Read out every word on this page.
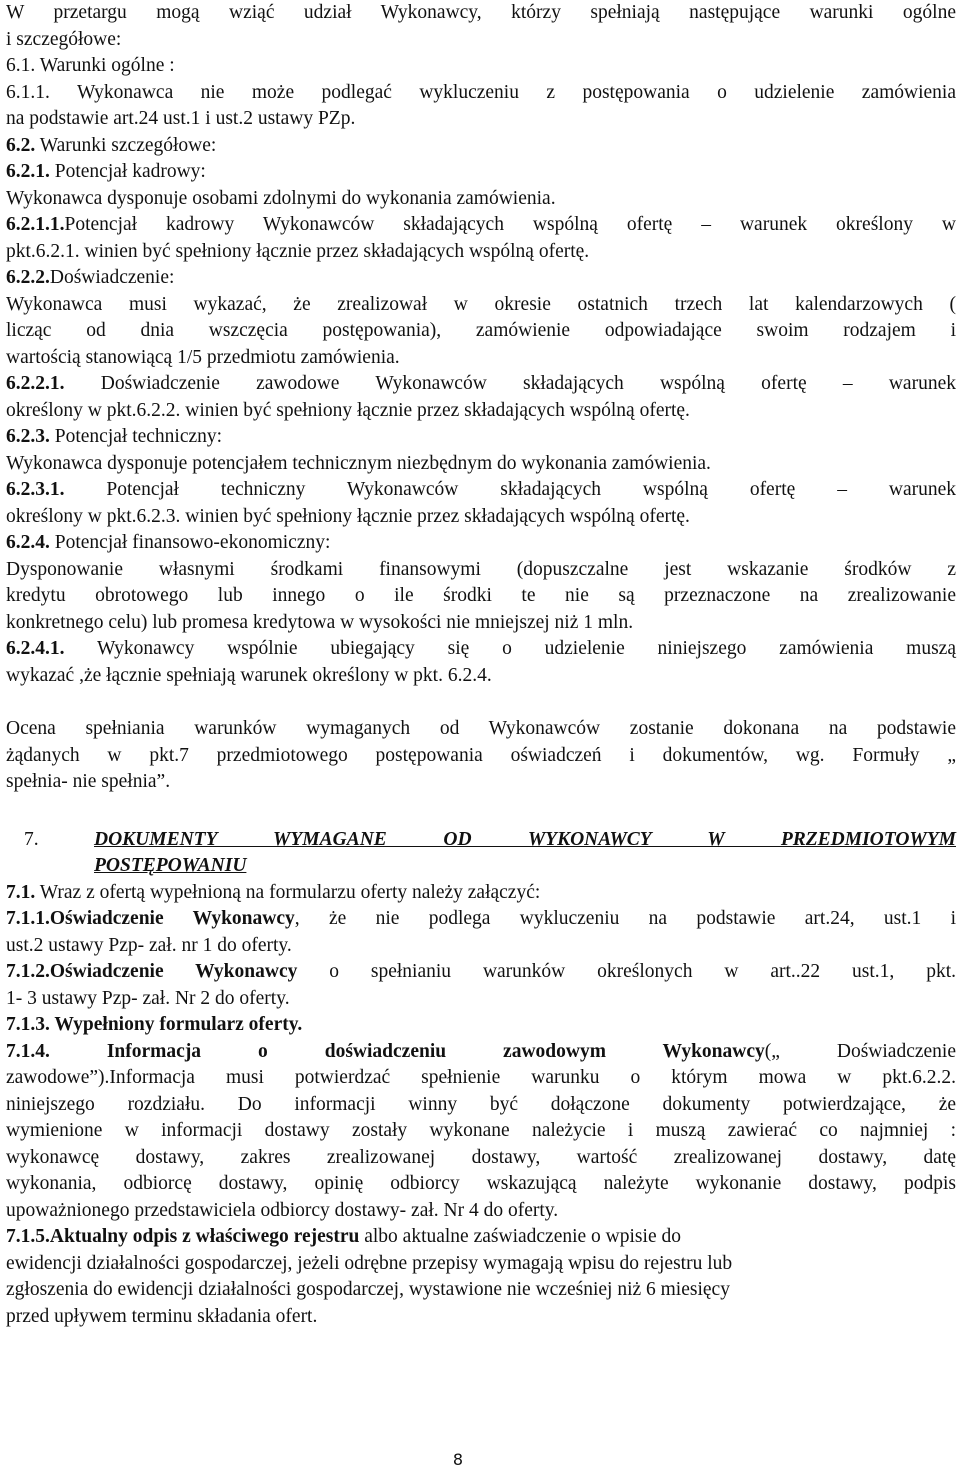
W przetargu mogą wziąć udział Wykonawcy, którzy spełniają następujące warunki ogólne
i szczegółowe:
6.1. Warunki ogólne :
6.1.1. Wykonawca nie może podlegać wykluczeniu z postępowania o udzielenie zamówienia
na podstawie art.24 ust.1 i ust.2 ustawy PZp.
6.2. Warunki szczegółowe:
6.2.1. Potencjał kadrowy:
Wykonawca dysponuje osobami zdolnymi do wykonania zamówienia.
6.2.1.1.Potencjał kadrowy Wykonawców składających wspólną ofertę – warunek określony w
pkt.6.2.1. winien być spełniony łącznie przez składających wspólną ofertę.
6.2.2.Doświadczenie:
Wykonawca musi wykazać, że zrealizował w okresie ostatnich trzech lat kalendarzowych (
licząc od dnia wszczęcia postępowania), zamówienie odpowiadające swoim rodzajem i
wartością stanowiącą 1/5 przedmiotu zamówienia.
6.2.2.1. Doświadczenie zawodowe Wykonawców składających wspólną ofertę – warunek
określony w pkt.6.2.2. winien być spełniony łącznie przez składających wspólną ofertę.
6.2.3. Potencjał techniczny:
Wykonawca dysponuje potencjałem technicznym niezbędnym do wykonania zamówienia.
6.2.3.1. Potencjał techniczny Wykonawców składających wspólną ofertę – warunek
określony w pkt.6.2.3. winien być spełniony łącznie przez składających wspólną ofertę.
6.2.4. Potencjał finansowo-ekonomiczny:
Dysponowanie własnymi środkami finansowymi (dopuszczalne jest wskazanie środków z
kredytu obrotowego lub innego o ile środki te nie są przeznaczone na zrealizowanie
konkretnego celu) lub promesa kredytowa w wysokości nie mniejszej niż 1 mln.
6.2.4.1. Wykonawcy wspólnie ubiegający się o udzielenie niniejszego zamówienia muszą
wykazać ,że łącznie spełniają warunek określony w pkt. 6.2.4.
Ocena spełniania warunków wymaganych od Wykonawców zostanie dokonana na podstawie
żądanych w pkt.7 przedmiotowego postępowania oświadczeń i dokumentów, wg. Formuły „
spełnia- nie spełnia”.
7.	DOKUMENTY WYMAGANE OD WYKONAWCY W PRZEDMIOTOWYM
POSTĘPOWANIU
7.1. Wraz z ofertą wypełnioną na formularzu oferty należy załączyć:
7.1.1.Oświadczenie Wykonawcy, że nie podlega wykluczeniu na podstawie art.24, ust.1 i
ust.2 ustawy Pzp- zał. nr 1 do oferty.
7.1.2.Oświadczenie Wykonawcy o spełnianiu warunków określonych w art..22 ust.1, pkt.
1- 3 ustawy Pzp- zał. Nr 2 do oferty.
7.1.3. Wypełniony formularz oferty.
7.1.4. Informacja o doświadczeniu zawodowym Wykonawcy(„ Doświadczenie
zawodowe”).Informacja musi potwierdzać spełnienie warunku o którym mowa w pkt.6.2.2.
niniejszego rozdziału. Do informacji winny być dołączone dokumenty potwierdzające, że
wymienione w informacji dostawy zostały wykonane należycie i muszą zawierać co najmniej :
wykonawcę dostawy, zakres zrealizowanej dostawy, wartość zrealizowanej dostawy, datę
wykonania, odbiorcę dostawy, opinię odbiorcy wskazującą należyte wykonanie dostawy, podpis
upoważnionego przedstawiciela odbiorcy dostawy- zał. Nr 4 do oferty.
7.1.5.Aktualny odpis z właściwego rejestru albo aktualne zaświadczenie o wpisie do
ewidencji działalności gospodarczej, jeżeli odrębne przepisy wymagają wpisu do rejestru lub
zgłoszenia do ewidencji działalności gospodarczej, wystawione nie wcześniej niż 6 miesięcy
przed upływem terminu składania ofert.
8
